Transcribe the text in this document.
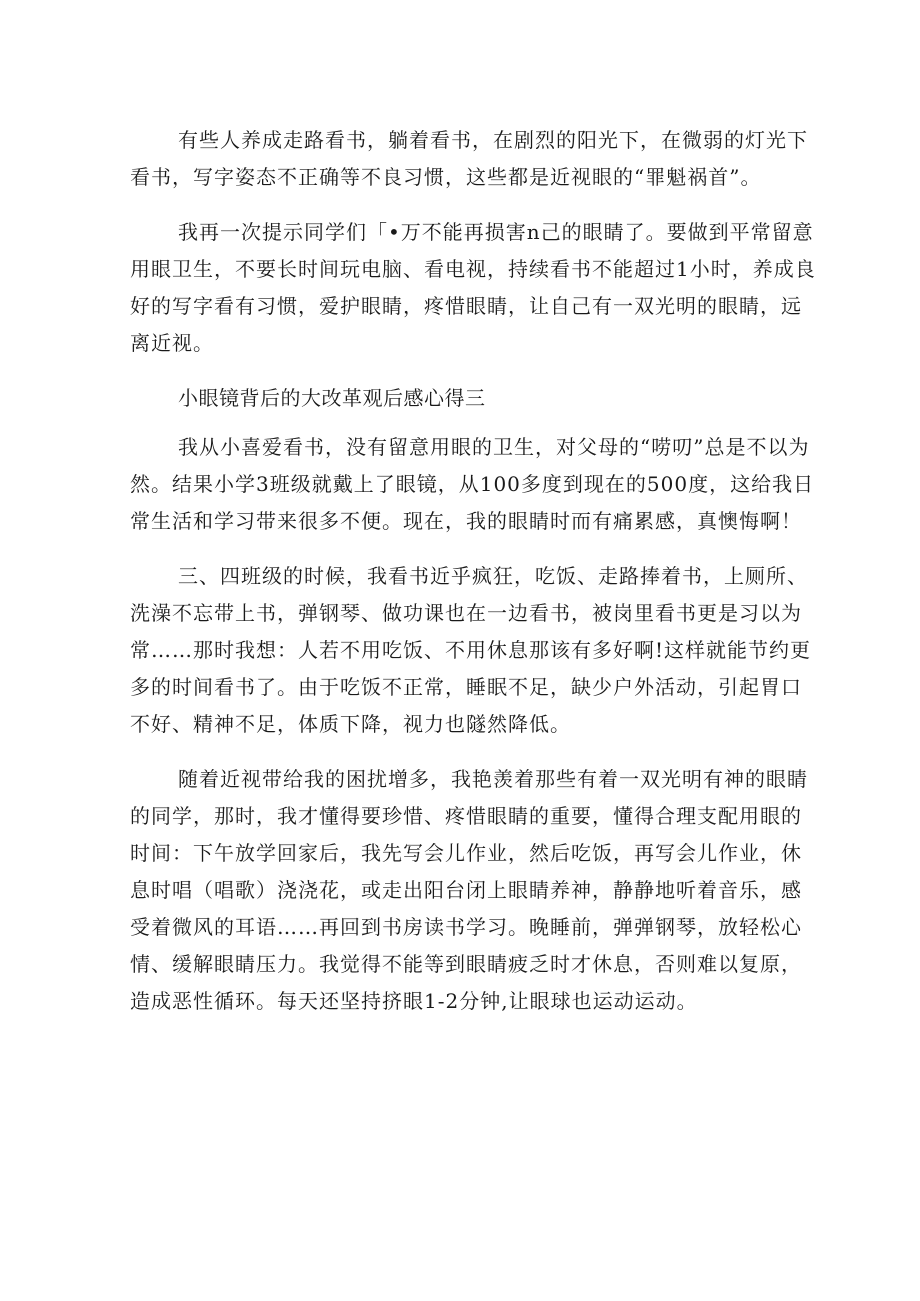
有些人养成走路看书，躺着看书，在剧烈的阳光下，在微弱的灯光下
看书，写字姿态不正确等不良习惯，这些都是近视眼的“罪魁祸首”。
我再一次提示同学们「•万不能再损害n己的眼睛了。要做到平常留意
用眼卫生，不要长时间玩电脑、看电视，持续看书不能超过1小时，养成良
好的写字看有习惯，爱护眼睛，疼惜眼睛，让自己有一双光明的眼睛，远
离近视。
小眼镜背后的大改革观后感心得三
我从小喜爱看书，没有留意用眼的卫生，对父母的“唠叨”总是不以为
然。结果小学3班级就戴上了眼镜，从100多度到现在的500度，这给我日
常生活和学习带来很多不便。现在，我的眼睛时而有痛累感，真懊悔啊！
三、四班级的时候，我看书近乎疯狂，吃饭、走路捧着书，上厕所、
洗澡不忘带上书，弹钢琴、做功课也在一边看书，被岗里看书更是习以为
常……那时我想：人若不用吃饭、不用休息那该有多好啊!这样就能节约更
多的时间看书了。由于吃饭不正常，睡眠不足，缺少户外活动，引起胃口
不好、精神不足，体质下降，视力也隧然降低。
随着近视带给我的困扰增多，我艳羡着那些有着一双光明有神的眼睛
的同学，那时，我才懂得要珍惜、疼惜眼睛的重要，懂得合理支配用眼的
时间：下午放学回家后，我先写会儿作业，然后吃饭，再写会儿作业，休
息时唱（唱歌）浇浇花，或走出阳台闭上眼睛养神，静静地听着音乐，感
受着微风的耳语……再回到书房读书学习。晚睡前，弹弹钢琴，放轻松心
情、缓解眼睛压力。我觉得不能等到眼睛疲乏时才休息，否则难以复原，
造成恶性循环。每天还坚持挤眼1-2分钟,让眼球也运动运动。
